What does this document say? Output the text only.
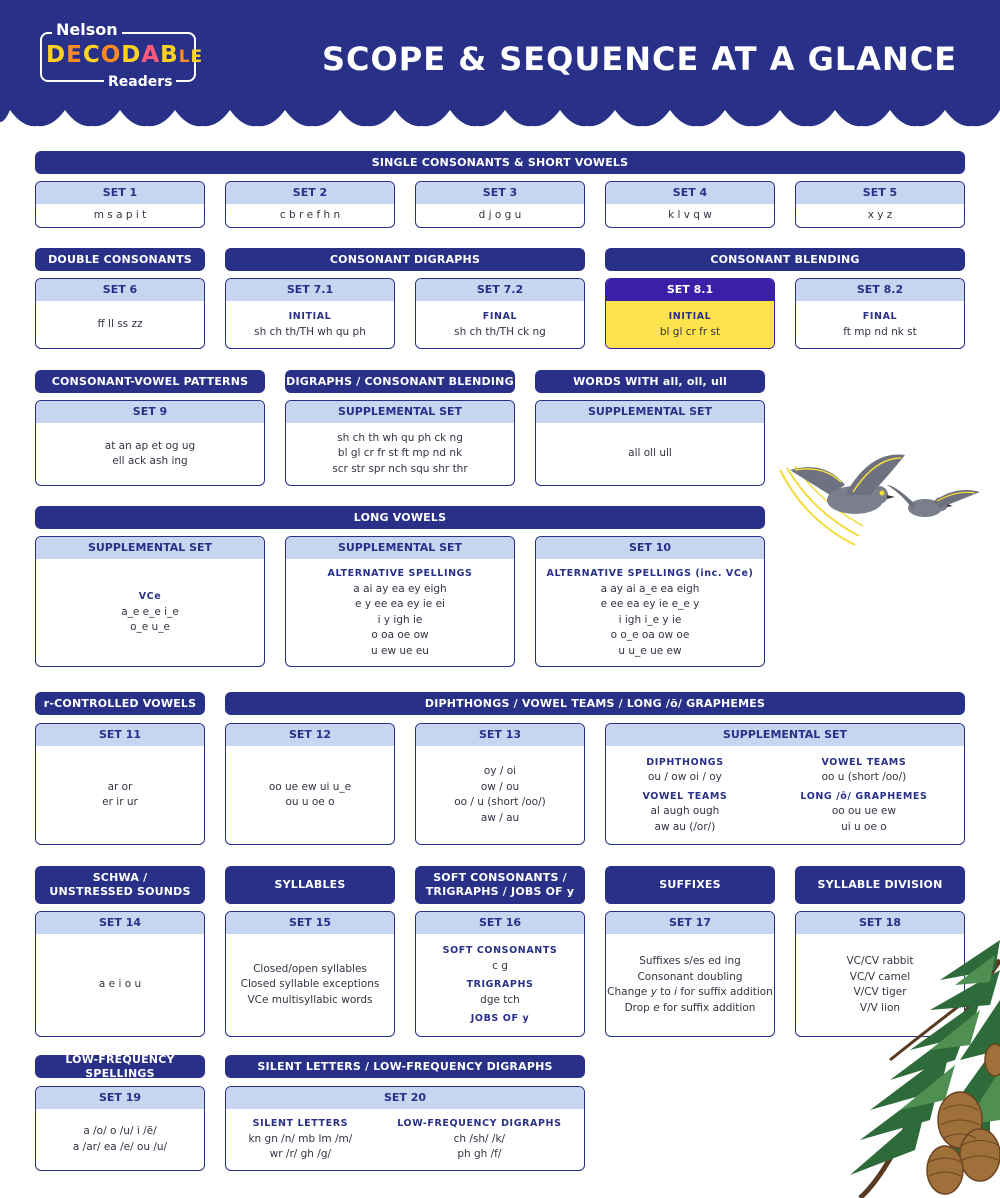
Nelson
DECODABLE
Readers
SCOPE & SEQUENCE AT A GLANCE
SINGLE CONSONANTS & SHORT VOWELS
SET 1
m s a p i t
SET 2
c b r e f h n
SET 3
d j o g u
SET 4
k l v q w
SET 5
x y z
DOUBLE CONSONANTS	CONSONANT DIGRAPHS	CONSONANT BLENDING
SET 6
ff ll ss zz
SET 7.1
INITIAL
sh ch th/TH wh qu ph
SET 7.2
FINAL
sh ch th/TH ck ng
SET 8.1
INITIAL
bl gl cr fr st
SET 8.2
FINAL
ft mp nd nk st
CONSONANT-VOWEL PATTERNS	DIGRAPHS / CONSONANT BLENDING	WORDS WITH all, oll, ull
SET 9
at an ap et og ug
ell ack ash ing
SUPPLEMENTAL SET
sh ch th wh qu ph ck ng
bl gl cr fr st ft mp nd nk
scr str spr nch squ shr thr
SUPPLEMENTAL SET
all oll ull
LONG VOWELS
SUPPLEMENTAL SET
VCe
a_e e_e i_e
o_e u_e
SUPPLEMENTAL SET
ALTERNATIVE SPELLINGS
a ai ay ea ey eigh
e y ee ea ey ie ei
i y igh ie
o oa oe ow
u ew ue eu
SET 10
ALTERNATIVE SPELLINGS (inc. VCe)
a ay ai a_e ea eigh
e ee ea ey ie e_e y
i igh i_e y ie
o o_e oa ow oe
u u_e ue ew
r-CONTROLLED VOWELS	DIPHTHONGS / VOWEL TEAMS / LONG /ō/ GRAPHEMES
SET 11
ar or
er ir ur
SET 12
oo ue ew ui u_e
ou u oe o
SET 13
oy / oi
ow / ou
oo / u (short /oo/)
aw / au
SUPPLEMENTAL SET
DIPHTHONGS
ou / ow oi / oy
VOWEL TEAMS
al augh ough
aw au (/or/)
VOWEL TEAMS
oo u (short /oo/)
LONG /ō/ GRAPHEMES
oo ou ue ew
ui u oe o
SCHWA /
UNSTRESSED SOUNDS
SYLLABLES
SOFT CONSONANTS /
TRIGRAPHS / JOBS OF y
SUFFIXES	SYLLABLE DIVISION
SET 14
a e i o u
SET 15
Closed/open syllables
Closed syllable exceptions
VCe multisyllabic words
SET 16
SOFT CONSONANTS
c g
TRIGRAPHS
dge tch
JOBS OF y
SET 17
Suffixes s/es ed ing
Consonant doubling
Change y to i for suffix addition
Drop e for suffix addition
SET 18
VC/CV rabbit
VC/V camel
V/CV tiger
V/V lion
LOW-FREQUENCY SPELLINGS
SILENT LETTERS / LOW-FREQUENCY DIGRAPHS
SET 19
a /o/ o /u/ i /ē/
a /ar/ ea /e/ ou /u/
SET 20
SILENT LETTERS
kn gn /n/ mb lm /m/
wr /r/ gh /g/
LOW-FREQUENCY DIGRAPHS
ch /sh/ /k/
ph gh /f/
